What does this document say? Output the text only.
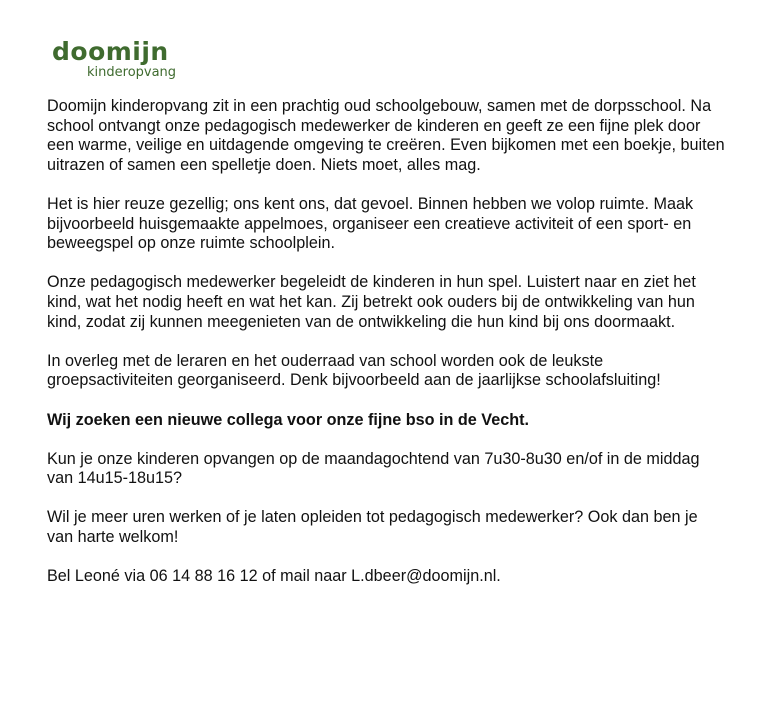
doomijn
kinderopvang

Doomijn kinderopvang zit in een prachtig oud schoolgebouw, samen met de dorpsschool. Na school ontvangt onze pedagogisch medewerker de kinderen en geeft ze een fijne plek door een warme, veilige en uitdagende omgeving te creëren. Even bijkomen met een boekje, buiten uitrazen of samen een spelletje doen. Niets moet, alles mag.

Het is hier reuze gezellig; ons kent ons, dat gevoel. Binnen hebben we volop ruimte. Maak bijvoorbeeld huisgemaakte appelmoes, organiseer een creatieve activiteit of een sport- en beweegspel op onze ruimte schoolplein.

Onze pedagogisch medewerker begeleidt de kinderen in hun spel. Luistert naar en ziet het kind, wat het nodig heeft en wat het kan. Zij betrekt ook ouders bij de ontwikkeling van hun kind, zodat zij kunnen meegenieten van de ontwikkeling die hun kind bij ons doormaakt.

In overleg met de leraren en het ouderraad van school worden ook de leukste groepsactiviteiten georganiseerd. Denk bijvoorbeeld aan de jaarlijkse schoolafsluiting!

Wij zoeken een nieuwe collega voor onze fijne bso in de Vecht.

Kun je onze kinderen opvangen op de maandagochtend van 7u30-8u30 en/of in de middag van 14u15-18u15?

Wil je meer uren werken of je laten opleiden tot pedagogisch medewerker? Ook dan ben je van harte welkom!

Bel Leoné via 06 14 88 16 12 of mail naar L.dbeer@doomijn.nl.
